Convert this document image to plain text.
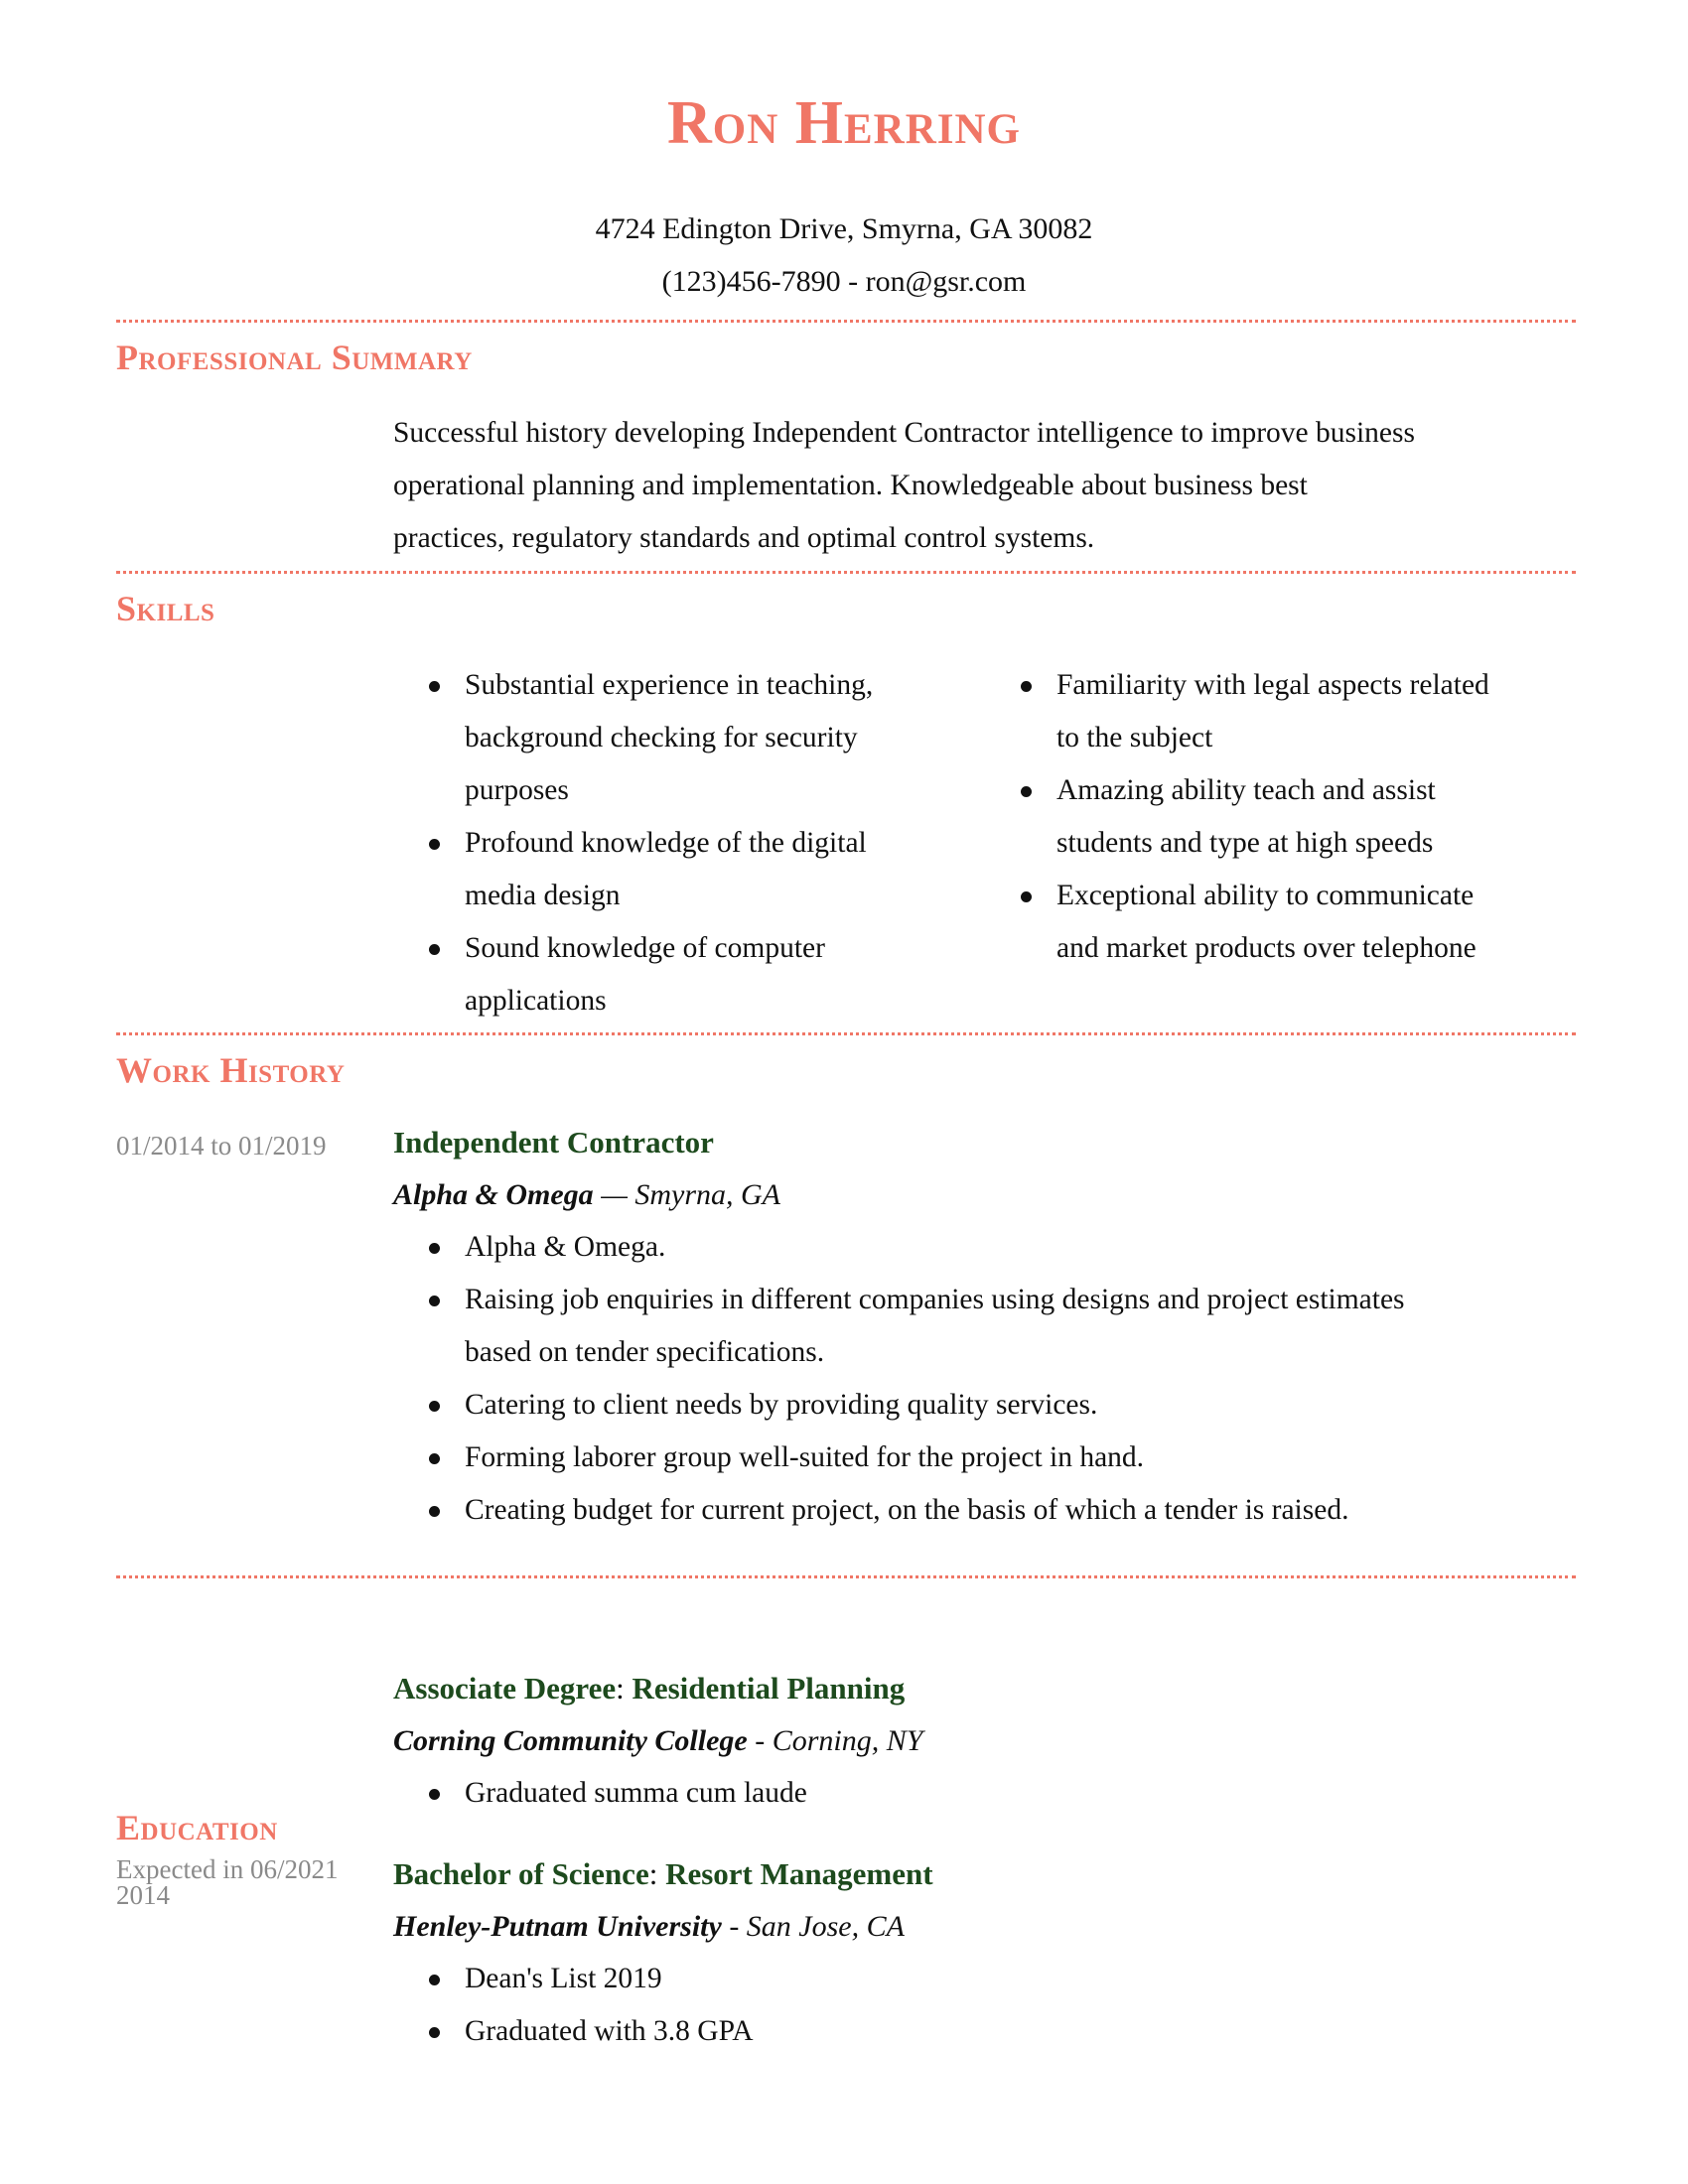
Ron Herring
4724 Edington Drive, Smyrna, GA 30082
(123)456-7890 - ron@gsr.com
Professional Summary
Successful history developing Independent Contractor intelligence to improve business
operational planning and implementation. Knowledgeable about business best
practices, regulatory standards and optimal control systems.
Skills
Substantial experience in teaching,
background checking for security
purposes
Profound knowledge of the digital
media design
Sound knowledge of computer
applications
Familiarity with legal aspects related
to the subject
Amazing ability teach and assist
students and type at high speeds
Exceptional ability to communicate
and market products over telephone
Work History
01/2014 to 01/2019 Independent Contractor
Alpha & Omega — Smyrna, GA
Alpha & Omega.
Raising job enquiries in different companies using designs and project estimates
based on tender specifications.
Catering to client needs by providing quality services.
Forming laborer group well-suited for the project in hand.
Creating budget for current project, on the basis of which a tender is raised.
Education
Expected in 06/2021
2014
Associate Degree: Residential Planning
Corning Community College - Corning, NY
Graduated summa cum laude
Bachelor of Science: Resort Management
Henley-Putnam University - San Jose, CA
Dean's List 2019
Graduated with 3.8 GPA
